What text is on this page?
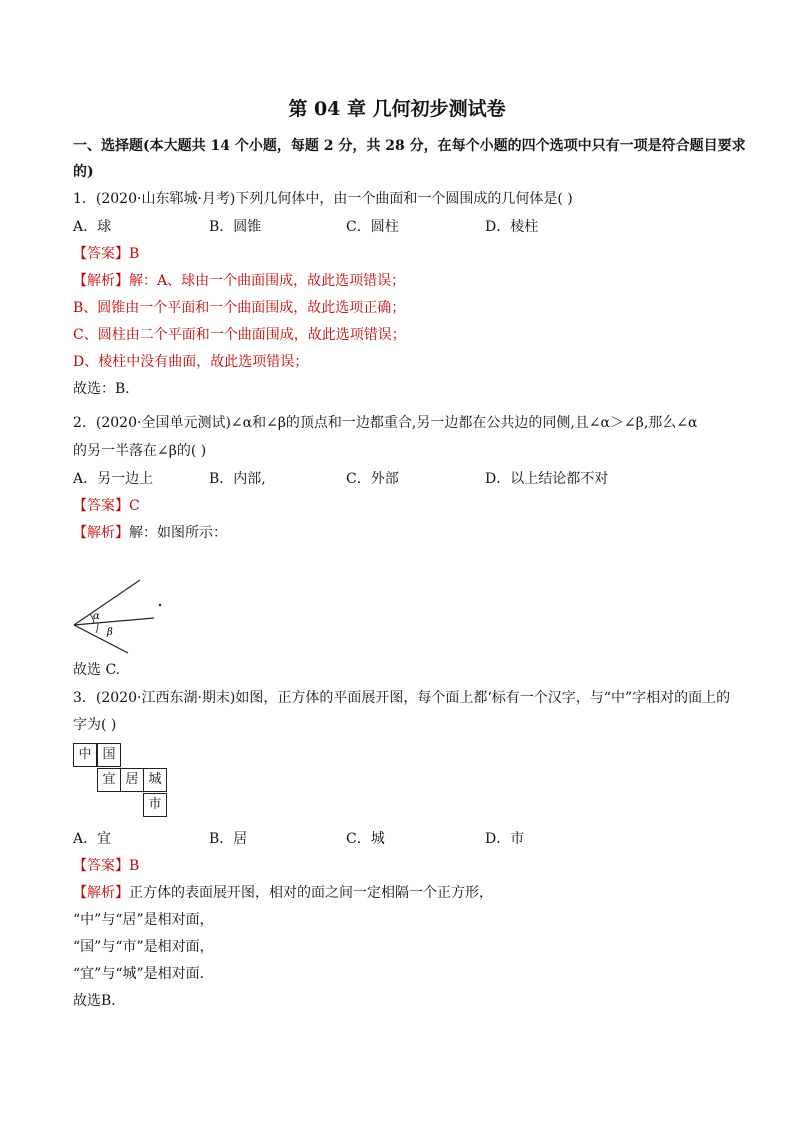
第 04 章 几何初步测试卷
一、选择题(本大题共 14 个小题，每题 2 分，共 28 分，在每个小题的四个选项中只有一项是符合题目要求
的)
1．(2020·山东郓城·月考)下列几何体中，由一个曲面和一个圆围成的几何体是( )
A．球	B．圆锥	C．圆柱	D．棱柱
【答案】B
【解析】解：A、球由一个曲面围成，故此选项错误；
B、圆锥由一个平面和一个曲面围成，故此选项正确；
C、圆柱由二个平面和一个曲面围成，故此选项错误；
D、棱柱中没有曲面，故此选项错误；
故选：B．
2．(2020·全国单元测试)∠α和∠β的顶点和一边都重合,另一边都在公共边的同侧,且∠α＞∠β,那么∠α
的另一半落在∠β的( )
A．另一边上	B．内部,	C．外部	D．以上结论都不对
【答案】C
【解析】解：如图所示：
α
β
故选 C.
3．(2020·江西东湖·期末)如图，正方体的平面展开图，每个面上都‘标有一个汉字，与“中”字相对的面上的
字为( )
中 国
宜 居 城
市
A．宜	B．居	C．城	D．市
【答案】B
【解析】正方体的表面展开图，相对的面之间一定相隔一个正方形，
“中”与“居”是相对面，
“国”与“市”是相对面，
“宜”与“城”是相对面．
故选B．
